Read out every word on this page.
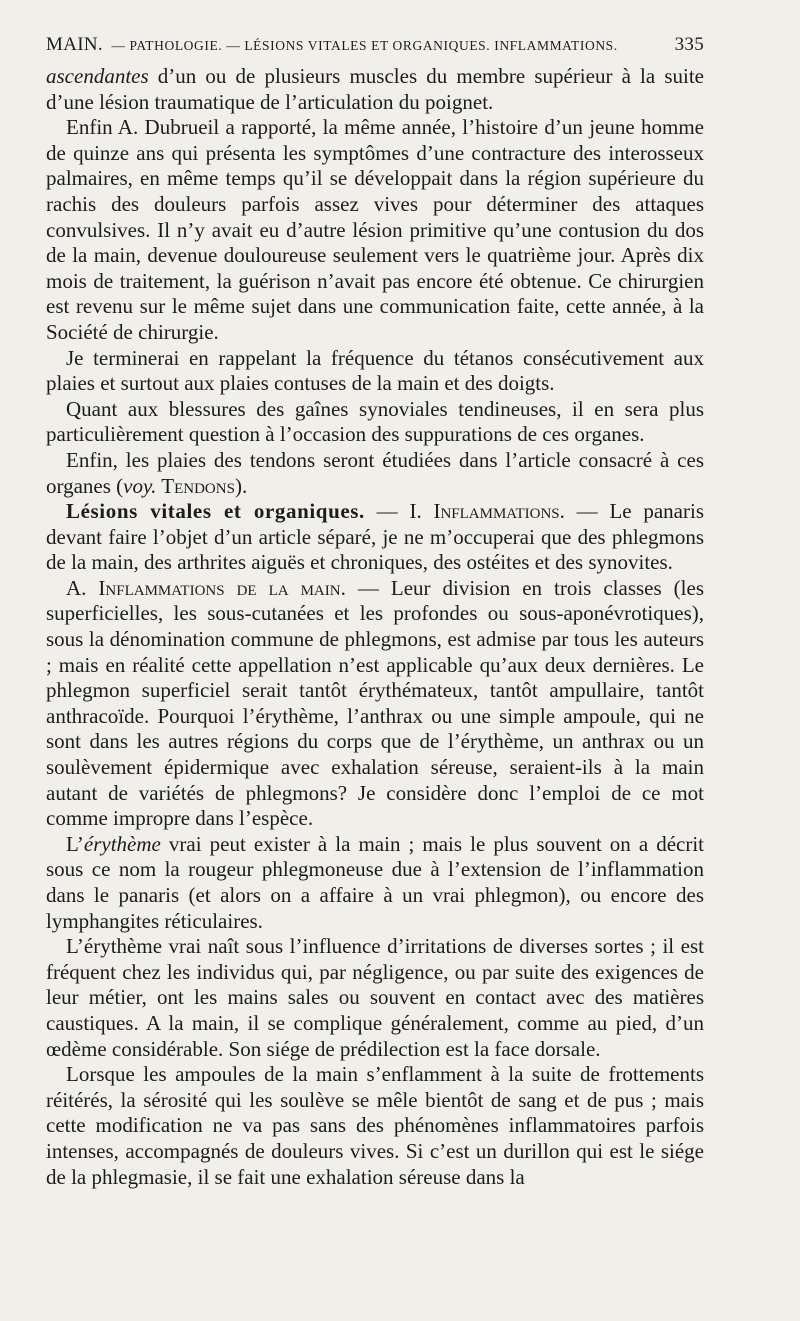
MAIN. — PATHOLOGIE. — LÉSIONS VITALES ET ORGANIQUES. INFLAMMATIONS.	335

ascendantes d’un ou de plusieurs muscles du membre supérieur à la suite d’une lésion traumatique de l’articulation du poignet.

Enfin A. Dubrueil a rapporté, la même année, l’histoire d’un jeune homme de quinze ans qui présenta les symptômes d’une contracture des interosseux palmaires, en même temps qu’il se développait dans la région supérieure du rachis des douleurs parfois assez vives pour déterminer des attaques convulsives. Il n’y avait eu d’autre lésion primitive qu’une contusion du dos de la main, devenue douloureuse seulement vers le quatrième jour. Après dix mois de traitement, la guérison n’avait pas encore été obtenue. Ce chirurgien est revenu sur le même sujet dans une communication faite, cette année, à la Société de chirurgie.

Je terminerai en rappelant la fréquence du tétanos consécutivement aux plaies et surtout aux plaies contuses de la main et des doigts.

Quant aux blessures des gaînes synoviales tendineuses, il en sera plus particulièrement question à l’occasion des suppurations de ces organes.

Enfin, les plaies des tendons seront étudiées dans l’article consacré à ces organes (voy. Tendons).

Lésions vitales et organiques. — I. Inflammations. — Le panaris devant faire l’objet d’un article séparé, je ne m’occuperai que des phlegmons de la main, des arthrites aiguës et chroniques, des ostéites et des synovites.

A. Inflammations de la main. — Leur division en trois classes (les superficielles, les sous-cutanées et les profondes ou sous-aponévrotiques), sous la dénomination commune de phlegmons, est admise par tous les auteurs ; mais en réalité cette appellation n’est applicable qu’aux deux dernières. Le phlegmon superficiel serait tantôt érythémateux, tantôt ampullaire, tantôt anthracoïde. Pourquoi l’érythème, l’anthrax ou une simple ampoule, qui ne sont dans les autres régions du corps que de l’érythème, un anthrax ou un soulèvement épidermique avec exhalation séreuse, seraient-ils à la main autant de variétés de phlegmons? Je considère donc l’emploi de ce mot comme impropre dans l’espèce.

L’érythème vrai peut exister à la main ; mais le plus souvent on a décrit sous ce nom la rougeur phlegmoneuse due à l’extension de l’inflammation dans le panaris (et alors on a affaire à un vrai phlegmon), ou encore des lymphangites réticulaires.

L’érythème vrai naît sous l’influence d’irritations de diverses sortes ; il est fréquent chez les individus qui, par négligence, ou par suite des exigences de leur métier, ont les mains sales ou souvent en contact avec des matières caustiques. A la main, il se complique généralement, comme au pied, d’un œdème considérable. Son siége de prédilection est la face dorsale.

Lorsque les ampoules de la main s’enflamment à la suite de frottements réitérés, la sérosité qui les soulève se mêle bientôt de sang et de pus ; mais cette modification ne va pas sans des phénomènes inflammatoires parfois intenses, accompagnés de douleurs vives. Si c’est un durillon qui est le siége de la phlegmasie, il se fait une exhalation séreuse dans la
